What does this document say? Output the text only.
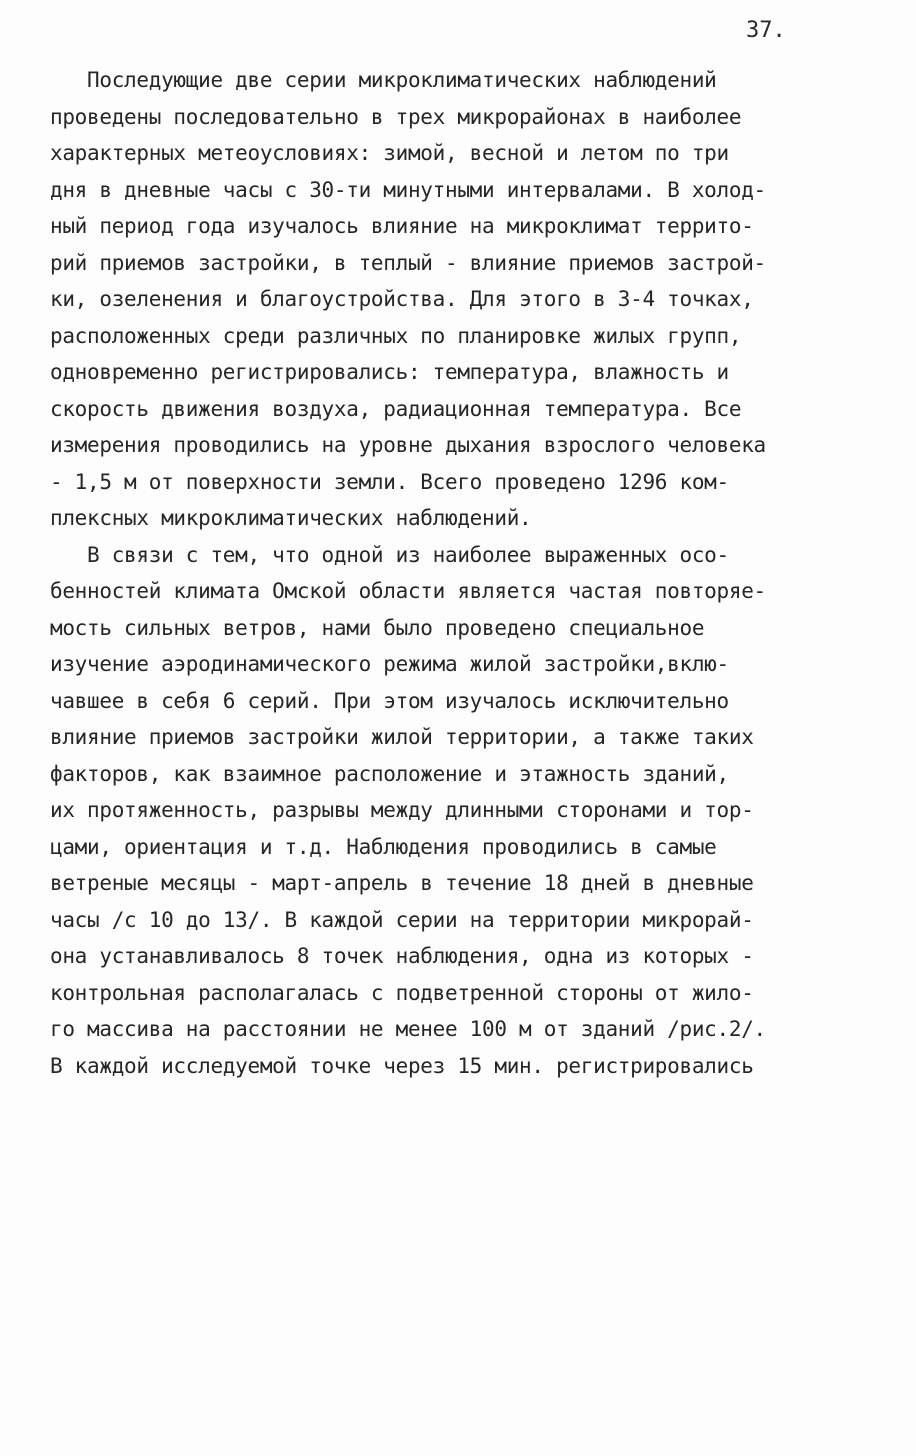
37.
Последующие две серии микроклиматических наблюдений
проведены последовательно в трех микрорайонах в наиболее
характерных метеоусловиях: зимой, весной и летом по три
дня в дневные часы с 30-ти минутными интервалами. В холод-
ный период года изучалось влияние на микроклимат террито-
рий приемов застройки, в теплый - влияние приемов застрой-
ки, озеленения и благоустройства. Для этого в 3-4 точках,
расположенных среди различных по планировке жилых групп,
одновременно регистрировались: температура, влажность и
скорость движения воздуха, радиационная температура. Все
измерения проводились на уровне дыхания взрослого человека
- 1,5 м от поверхности земли. Всего проведено 1296 ком-
плексных микроклиматических наблюдений.
В связи с тем, что одной из наиболее выраженных осо-
бенностей климата Омской области является частая повторяе-
мость сильных ветров, нами было проведено специальное
изучение аэродинамического режима жилой застройки,вклю-
чавшее в себя 6 серий. При этом изучалось исключительно
влияние приемов застройки жилой территории, а также таких
факторов, как взаимное расположение и этажность зданий,
их протяженность, разрывы между длинными сторонами и тор-
цами, ориентация и т.д. Наблюдения проводились в самые
ветреные месяцы - март-апрель в течение 18 дней в дневные
часы /с 10 до 13/. В каждой серии на территории микрорай-
она устанавливалось 8 точек наблюдения, одна из которых -
контрольная располагалась с подветренной стороны от жило-
го массива на расстоянии не менее 100 м от зданий /рис.2/.
В каждой исследуемой точке через 15 мин. регистрировались
